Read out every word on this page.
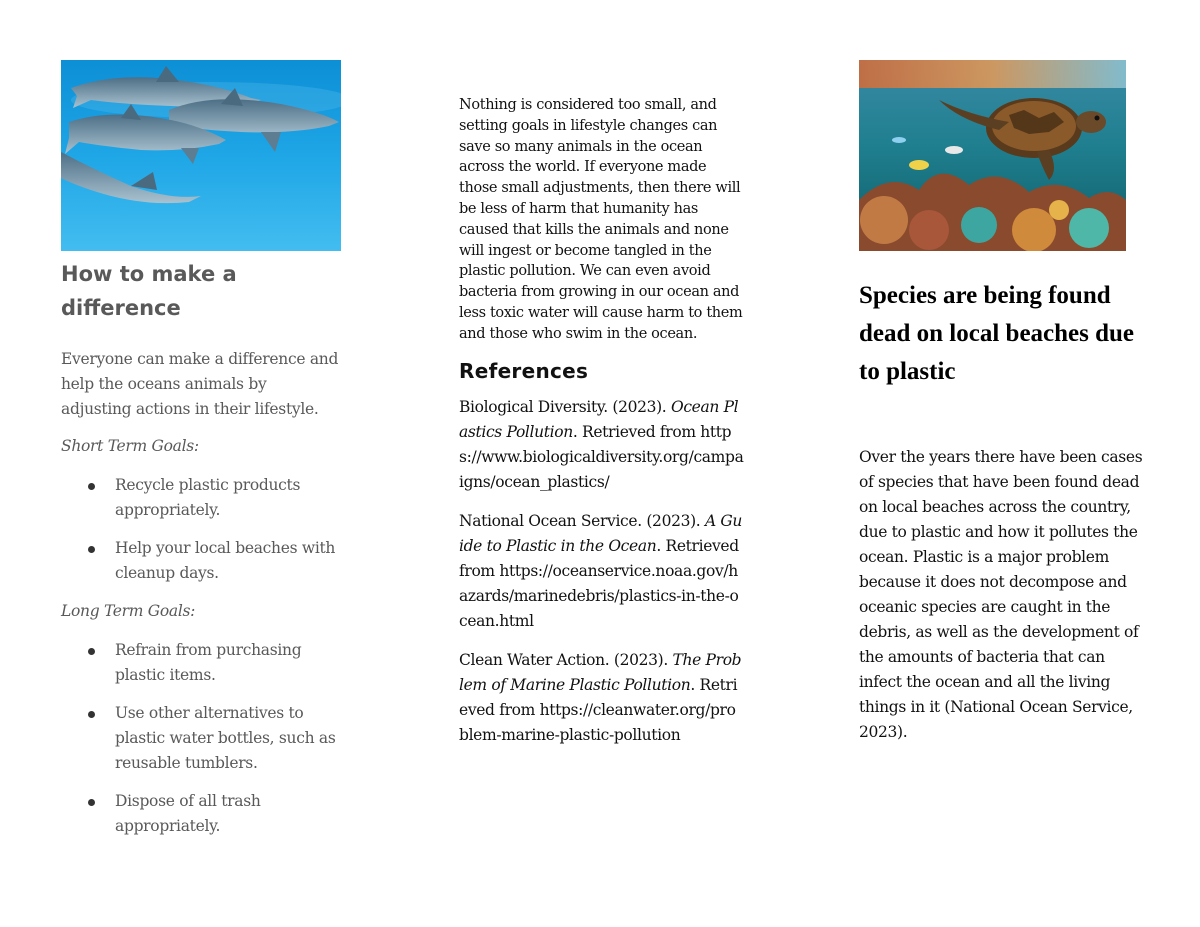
How to make a difference

Everyone can make a difference and help the oceans animals by adjusting actions in their lifestyle.

Short Term Goals:

Recycle plastic products appropriately.
Help your local beaches with cleanup days.

Long Term Goals:

Refrain from purchasing plastic items.
Use other alternatives to plastic water bottles, such as reusable tumblers.
Dispose of all trash appropriately.

Nothing is considered too small, and setting goals in lifestyle changes can save so many animals in the ocean across the world. If everyone made those small adjustments, then there will be less of harm that humanity has caused that kills the animals and none will ingest or become tangled in the plastic pollution. We can even avoid bacteria from growing in our ocean and less toxic water will cause harm to them and those who swim in the ocean.

References

Biological Diversity. (2023). Ocean Plastics Pollution. Retrieved from https://www.biologicaldiversity.org/campaigns/ocean_plastics/

National Ocean Service. (2023). A Guide to Plastic in the Ocean. Retrieved from https://oceanservice.noaa.gov/hazards/marinedebris/plastics-in-the-ocean.html

Clean Water Action. (2023). The Problem of Marine Plastic Pollution. Retrieved from https://cleanwater.org/problem-marine-plastic-pollution

Species are being found dead on local beaches due to plastic

Over the years there have been cases of species that have been found dead on local beaches across the country, due to plastic and how it pollutes the ocean. Plastic is a major problem because it does not decompose and oceanic species are caught in the debris, as well as the development of the amounts of bacteria that can infect the ocean and all the living things in it (National Ocean Service, 2023).
